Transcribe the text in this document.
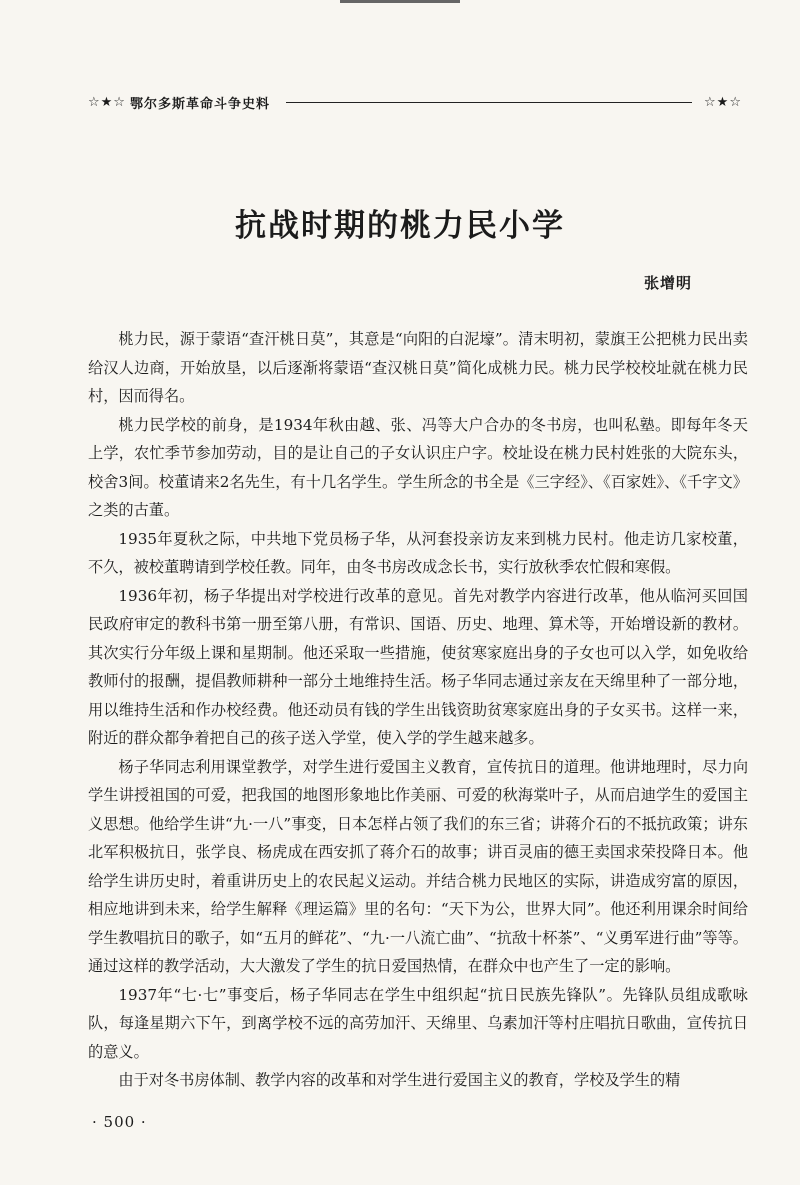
☆★☆ 鄂尔多斯革命斗争史料	☆★☆
抗战时期的桃力民小学
张增明

桃力民，源于蒙语“查汗桃日莫”，其意是“向阳的白泥壕”。清末明初，蒙旗王公把桃力民出卖给汉人边商，开始放垦，以后逐渐将蒙语“查汉桃日莫”简化成桃力民。桃力民学校校址就在桃力民村，因而得名。

桃力民学校的前身，是1934年秋由越、张、冯等大户合办的冬书房，也叫私塾。即每年冬天上学，农忙季节参加劳动，目的是让自己的子女认识庄户字。校址设在桃力民村姓张的大院东头，校舍3间。校董请来2名先生，有十几名学生。学生所念的书全是《三字经》、《百家姓》、《千字文》之类的古董。

1935年夏秋之际，中共地下党员杨子华，从河套投亲访友来到桃力民村。他走访几家校董，不久，被校董聘请到学校任教。同年，由冬书房改成念长书，实行放秋季农忙假和寒假。

1936年初，杨子华提出对学校进行改革的意见。首先对教学内容进行改革，他从临河买回国民政府审定的教科书第一册至第八册，有常识、国语、历史、地理、算术等，开始增设新的教材。其次实行分年级上课和星期制。他还采取一些措施，使贫寒家庭出身的子女也可以入学，如免收给教师付的报酬，提倡教师耕种一部分土地维持生活。杨子华同志通过亲友在天绵里种了一部分地，用以维持生活和作办校经费。他还动员有钱的学生出钱资助贫寒家庭出身的子女买书。这样一来，附近的群众都争着把自己的孩子送入学堂，使入学的学生越来越多。

杨子华同志利用课堂教学，对学生进行爱国主义教育，宣传抗日的道理。他讲地理时，尽力向学生讲授祖国的可爱，把我国的地图形象地比作美丽、可爱的秋海棠叶子，从而启迪学生的爱国主义思想。他给学生讲“九·一八”事变，日本怎样占领了我们的东三省；讲蒋介石的不抵抗政策；讲东北军积极抗日，张学良、杨虎成在西安抓了蒋介石的故事；讲百灵庙的德王卖国求荣投降日本。他给学生讲历史时，着重讲历史上的农民起义运动。并结合桃力民地区的实际，讲造成穷富的原因，相应地讲到未来，给学生解释《理运篇》里的名句：“天下为公，世界大同”。他还利用课余时间给学生教唱抗日的歌子，如“五月的鲜花”、“九·一八流亡曲”、“抗敌十杯茶”、“义勇军进行曲”等等。通过这样的教学活动，大大激发了学生的抗日爱国热情，在群众中也产生了一定的影响。

1937年“七·七”事变后，杨子华同志在学生中组织起“抗日民族先锋队”。先锋队员组成歌咏队，每逢星期六下午，到离学校不远的高劳加汗、天绵里、乌素加汗等村庄唱抗日歌曲，宣传抗日的意义。

由于对冬书房体制、教学内容的改革和对学生进行爱国主义的教育，学校及学生的精

· 500 ·
